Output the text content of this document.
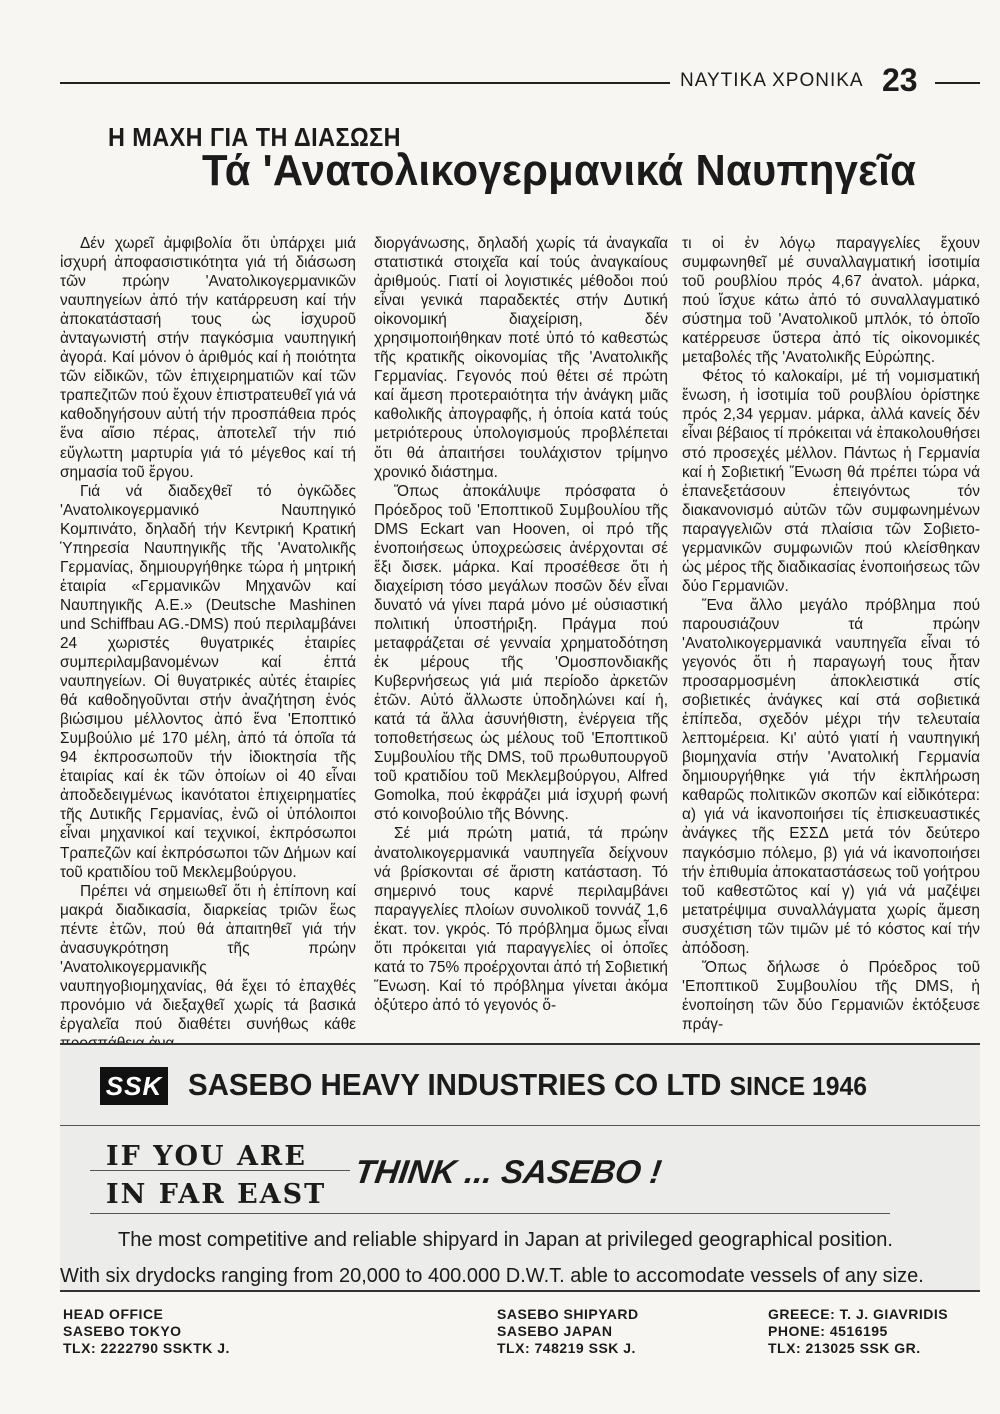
ΝΑΥΤΙΚΑ ΧΡΟΝΙΚΑ 23
Η ΜΑΧΗ ΓΙΑ ΤΗ ΔΙΑΣΩΣΗ
Τά 'Ανατολικογερμανικά Ναυπηγεῖα

Δέν χωρεῖ ἀμφιβολία ὅτι ὑπάρχει μιά ἰσχυρή ἀποφασιστικότητα γιά τή διάσωση τῶν πρώην 'Ανατολικογερμανικῶν ναυπηγείων ἀπό τήν κατάρρευση καί τήν ἀποκατάστασή τους ὡς ἰσχυροῦ ἀνταγωνιστή στήν παγκόσμια ναυπηγική ἀγορά. Καί μόνον ὁ ἀριθμός καί ἡ ποιότητα τῶν εἰδικῶν, τῶν ἐπιχειρηματιῶν καί τῶν τραπεζιτῶν πού ἔχουν ἐπιστρατευθεῖ γιά νά καθοδηγήσουν αὐτή τήν προσπάθεια πρός ἕνα αἴσιο πέρας, ἀποτελεῖ τήν πιό εὔγλωττη μαρτυρία γιά τό μέγεθος καί τή σημασία τοῦ ἔργου.

Γιά νά διαδεχθεῖ τό ὀγκῶδες 'Ανατολικογερμανικό Ναυπηγικό Κομπινάτο, δηλαδή τήν Κεντρική Κρατική Ὑπηρεσία Ναυπηγικῆς τῆς 'Ανατολικῆς Γερμανίας, δημιουργήθηκε τώρα ἡ μητρική ἑταιρία «Γερμανικῶν Μηχανῶν καί Ναυπηγικῆς Α.Ε.» (Deutsche Mashinen und Schiffbau AG.-DMS) πού περιλαμβάνει 24 χωριστές θυγατρικές ἑταιρίες συμπεριλαμβανομένων καί ἑπτά ναυπηγείων. Οἱ θυγατρικές αὐτές ἑταιρίες θά καθοδηγοῦνται στήν ἀναζήτηση ἑνός βιώσιμου μέλλοντος ἀπό ἕνα 'Εποπτικό Συμβούλιο μέ 170 μέλη, ἀπό τά ὁποῖα τά 94 ἐκπροσωποῦν τήν ἰδιοκτησία τῆς ἑταιρίας καί ἐκ τῶν ὁποίων οἱ 40 εἶναι ἀποδεδειγμένως ἱκανότατοι ἐπιχειρηματίες τῆς Δυτικῆς Γερμανίας, ἐνῶ οἱ ὑπόλοιποι εἶναι μηχανικοί καί τεχνικοί, ἐκπρόσωποι Τραπεζῶν καί ἐκπρόσωποι τῶν Δήμων καί τοῦ κρατιδίου τοῦ Μεκλεμβούργου.

Πρέπει νά σημειωθεῖ ὅτι ἡ ἐπίπονη καί μακρά διαδικασία, διαρκείας τριῶν ἕως πέντε ἐτῶν, πού θά ἀπαιτηθεῖ γιά τήν ἀνασυγκρότηση τῆς πρώην 'Ανατολικογερμανικῆς ναυπηγοβιομηχανίας, θά ἔχει τό ἐπαχθές προνόμιο νά διεξαχθεῖ χωρίς τά βασικά ἐργαλεῖα πού διαθέτει συνήθως κάθε

διοργάνωσης, δηλαδή χωρίς τά ἀναγκαῖα στατιστικά στοιχεῖα καί τούς ἀναγκαίους ἀριθμούς. Γιατί οἱ λογιστικές μέθοδοι πού εἶναι γενικά παραδεκτές στήν Δυτική οἰκονομική διαχείριση, δέν χρησιμοποιήθηκαν ποτέ ὑπό τό καθεστώς τῆς κρατικῆς οἰκονομίας τῆς 'Ανατολικῆς Γερμανίας. Γεγονός πού θέτει σέ πρώτη καί ἄμεση προτεραιότητα τήν ἀνάγκη μιᾶς καθολικῆς ἀπογραφῆς, ἡ ὁποία κατά τούς μετριότερους ὑπολογισμούς προβλέπεται ὅτι θά ἀπαιτήσει τουλάχιστον τρίμηνο χρονικό διάστημα.

Ὅπως ἀποκάλυψε πρόσφατα ὁ Πρόεδρος τοῦ 'Εποπτικοῦ Συμβουλίου τῆς DMS Eckart van Hooven, οἱ πρό τῆς ἑνοποιήσεως ὑποχρεώσεις ἀνέρχονται σέ ἕξι δισεκ. μάρκα. Καί προσέθεσε ὅτι ἡ διαχείριση τόσο μεγάλων ποσῶν δέν εἶναι δυνατό νά γίνει παρά μόνο μέ οὐσιαστική πολιτική ὑποστήριξη. Πράγμα πού μεταφράζεται σέ γενναία χρηματοδότηση ἐκ μέρους τῆς 'Ομοσπονδιακῆς Κυβερνήσεως γιά μιά περίοδο ἀρκετῶν ἐτῶν. Αὐτό ἄλλωστε ὑποδηλώνει καί ἡ, κατά τά ἄλλα ἀσυνήθιστη, ἐνέργεια τῆς τοποθετήσεως ὡς μέλους τοῦ 'Εποπτικοῦ Συμβουλίου τῆς DMS, τοῦ πρωθυπουργοῦ τοῦ κρατιδίου τοῦ Μεκλεμβούργου, Alfred Gomolka, πού ἐκφράζει μιά ἰσχυρή φωνή στό κοινοβούλιο τῆς Βόννης.

Σέ μιά πρώτη ματιά, τά πρώην ἀνατολικογερμανικά ναυπηγεῖα δείχνουν νά βρίσκονται σέ ἄριστη κατάσταση. Τό σημερινό τους καρνέ περιλαμβάνει παραγγελίες πλοίων συνολικοῦ τοννάζ 1,6 ἑκατ. τον. γκρός. Τό πρόβλημα ὅμως εἶναι ὅτι πρόκειται γιά παραγγελίες οἱ ὁποῖες κατά το 75% προέρχονται ἀπό τή Σοβιετική Ἕνωση. Καί τό πρόβλημα γίνεται ἀκόμα ὀξύτερο ἀπό τό γεγονός ὅ-

τι οἱ ἐν λόγῳ παραγγελίες ἔχουν συμφωνηθεῖ μέ συναλλαγματική ἰσοτιμία τοῦ ρουβλίου πρός 4,67 ἀνατολ. μάρκα, πού ἴσχυε κάτω ἀπό τό συναλλαγματικό σύστημα τοῦ 'Ανατολικοῦ μπλόκ, τό ὁποῖο κατέρρευσε ὕστερα ἀπό τίς οἰκονομικές μεταβολές τῆς 'Ανατολικῆς Εὐρώπης.

Φέτος τό καλοκαίρι, μέ τή νομισματική ἕνωση, ἡ ἰσοτιμία τοῦ ρουβλίου ὁρίστηκε πρός 2,34 γερμαν. μάρκα, ἀλλά κανείς δέν εἶναι βέβαιος τί πρόκειται νά ἐπακολουθήσει στό προσεχές μέλλον. Πάντως ἡ Γερμανία καί ἡ Σοβιετική Ἕνωση θά πρέπει τώρα νά ἐπανεξετάσουν ἐπειγόντως τόν διακανονισμό αὐτῶν τῶν συμφωνημένων παραγγελιῶν στά πλαίσια τῶν Σοβιετο-γερμανικῶν συμφωνιῶν πού κλείσθηκαν ὡς μέρος τῆς διαδικασίας ἑνοποιήσεως τῶν δύο Γερμανιῶν.

Ἕνα ἄλλο μεγάλο πρόβλημα πού παρουσιάζουν τά πρώην 'Ανατολικογερμανικά ναυπηγεῖα εἶναι τό γεγονός ὅτι ἡ παραγωγή τους ἦταν προσαρμοσμένη ἀποκλειστικά στίς σοβιετικές ἀνάγκες καί στά σοβιετικά ἐπίπεδα, σχεδόν μέχρι τήν τελευταία λεπτομέρεια. Κι' αὐτό γιατί ἡ ναυπηγική βιομηχανία στήν 'Ανατολική Γερμανία δημιουργήθηκε γιά τήν ἐκπλήρωση καθαρῶς πολιτικῶν σκοπῶν καί εἰδικότερα: α) γιά νά ἱκανοποιήσει τίς ἐπισκευαστικές ἀνάγκες τῆς ΕΣΣΔ μετά τόν δεύτερο παγκόσμιο πόλεμο, β) γιά νά ἱκανοποιήσει τήν ἐπιθυμία ἀποκαταστάσεως τοῦ γοήτρου τοῦ καθεστῶτος καί γ) γιά νά μαζέψει μετατρέψιμα συναλλάγματα χωρίς ἄμεση συσχέτιση τῶν τιμῶν μέ τό κόστος καί τήν ἀπόδοση.

Ὅπως δήλωσε ὁ Πρόεδρος τοῦ 'Εποπτικοῦ Συμβουλίου τῆς DMS, ἡ ἑνοποίηση τῶν δύο Γερμανιῶν ἐκτόξευσε πράγ-

SSK SASEBO HEAVY INDUSTRIES CO LTD SINCE 1946
IF YOU ARE
IN FAR EAST
THINK ... SASEBO !
The most competitive and reliable shipyard in Japan at privileged geographical position.
With six drydocks ranging from 20,000 to 400.000 D.W.T. able to accomodate vessels of any size.
HEAD OFFICE
SASEBO TOKYO
TLX: 2222790 SSKTK J.
SASEBO SHIPYARD
SASEBO JAPAN
TLX: 748219 SSK J.
GREECE: T. J. GIAVRIDIS
PHONE: 4516195
TLX: 213025 SSK GR.
